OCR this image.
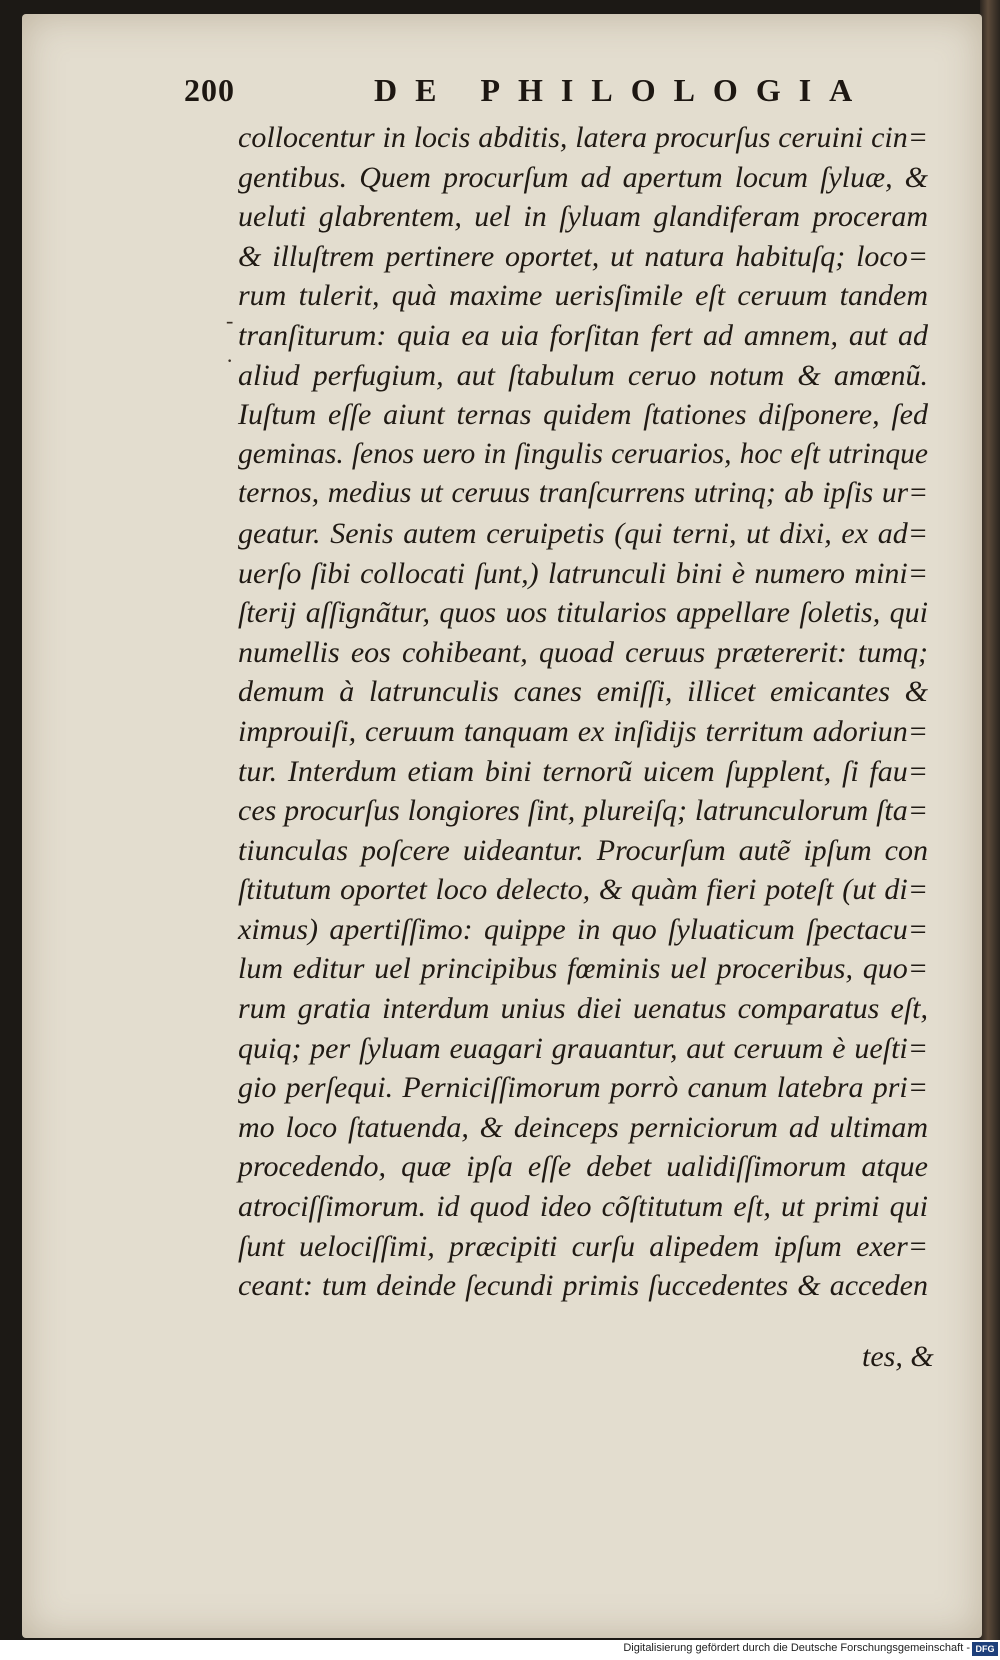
200	DE PHILOLOGIA
-
·
collocentur in locis abditis, latera procurſus ceruini cin=
gentibus. Quem procurſum ad apertum locum ſyluæ, &
ueluti glabrentem, uel in ſyluam glandiferam proceram
& illuſtrem pertinere oportet, ut natura habituſq; loco=
rum tulerit, quà maxime uerisſimile eſt ceruum tandem
tranſiturum: quia ea uia forſitan fert ad amnem, aut ad
aliud perfugium, aut ſtabulum ceruo notum & amœnũ.
Iuſtum eſſe aiunt ternas quidem ſtationes diſponere, ſed
geminas. ſenos uero in ſingulis ceruarios, hoc eſt utrinque
ternos, medius ut ceruus tranſcurrens utrinq; ab ipſis ur=
geatur. Senis autem ceruipetis (qui terni, ut dixi, ex ad=
uerſo ſibi collocati ſunt,) latrunculi bini è numero mini=
ſterij aſſignãtur, quos uos titularios appellare ſoletis, qui
numellis eos cohibeant, quoad ceruus prætererit: tumq;
demum à latrunculis canes emiſſi, illicet emicantes &
improuiſi, ceruum tanquam ex inſidijs territum adoriun=
tur. Interdum etiam bini ternorũ uicem ſupplent, ſi fau=
ces procurſus longiores ſint, plureiſq; latrunculorum ſta=
tiunculas poſcere uideantur. Procurſum autẽ ipſum con
ſtitutum oportet loco delecto, & quàm fieri poteſt (ut di=
ximus) apertiſſimo: quippe in quo ſyluaticum ſpectacu=
lum editur uel principibus fœminis uel proceribus, quo=
rum gratia interdum unius diei uenatus comparatus eſt,
quiq; per ſyluam euagari grauantur, aut ceruum è ueſti=
gio perſequi. Perniciſſimorum porrò canum latebra pri=
mo loco ſtatuenda, & deinceps perniciorum ad ultimam
procedendo, quæ ipſa eſſe debet ualidiſſimorum atque
atrociſſimorum. id quod ideo cõſtitutum eſt, ut primi qui
ſunt uelociſſimi, præcipiti curſu alipedem ipſum exer=
ceant: tum deinde ſecundi primis ſuccedentes & acceden
tes, &
Digitalisierung gefördert durch die Deutsche Forschungsgemeinschaft - DFG
